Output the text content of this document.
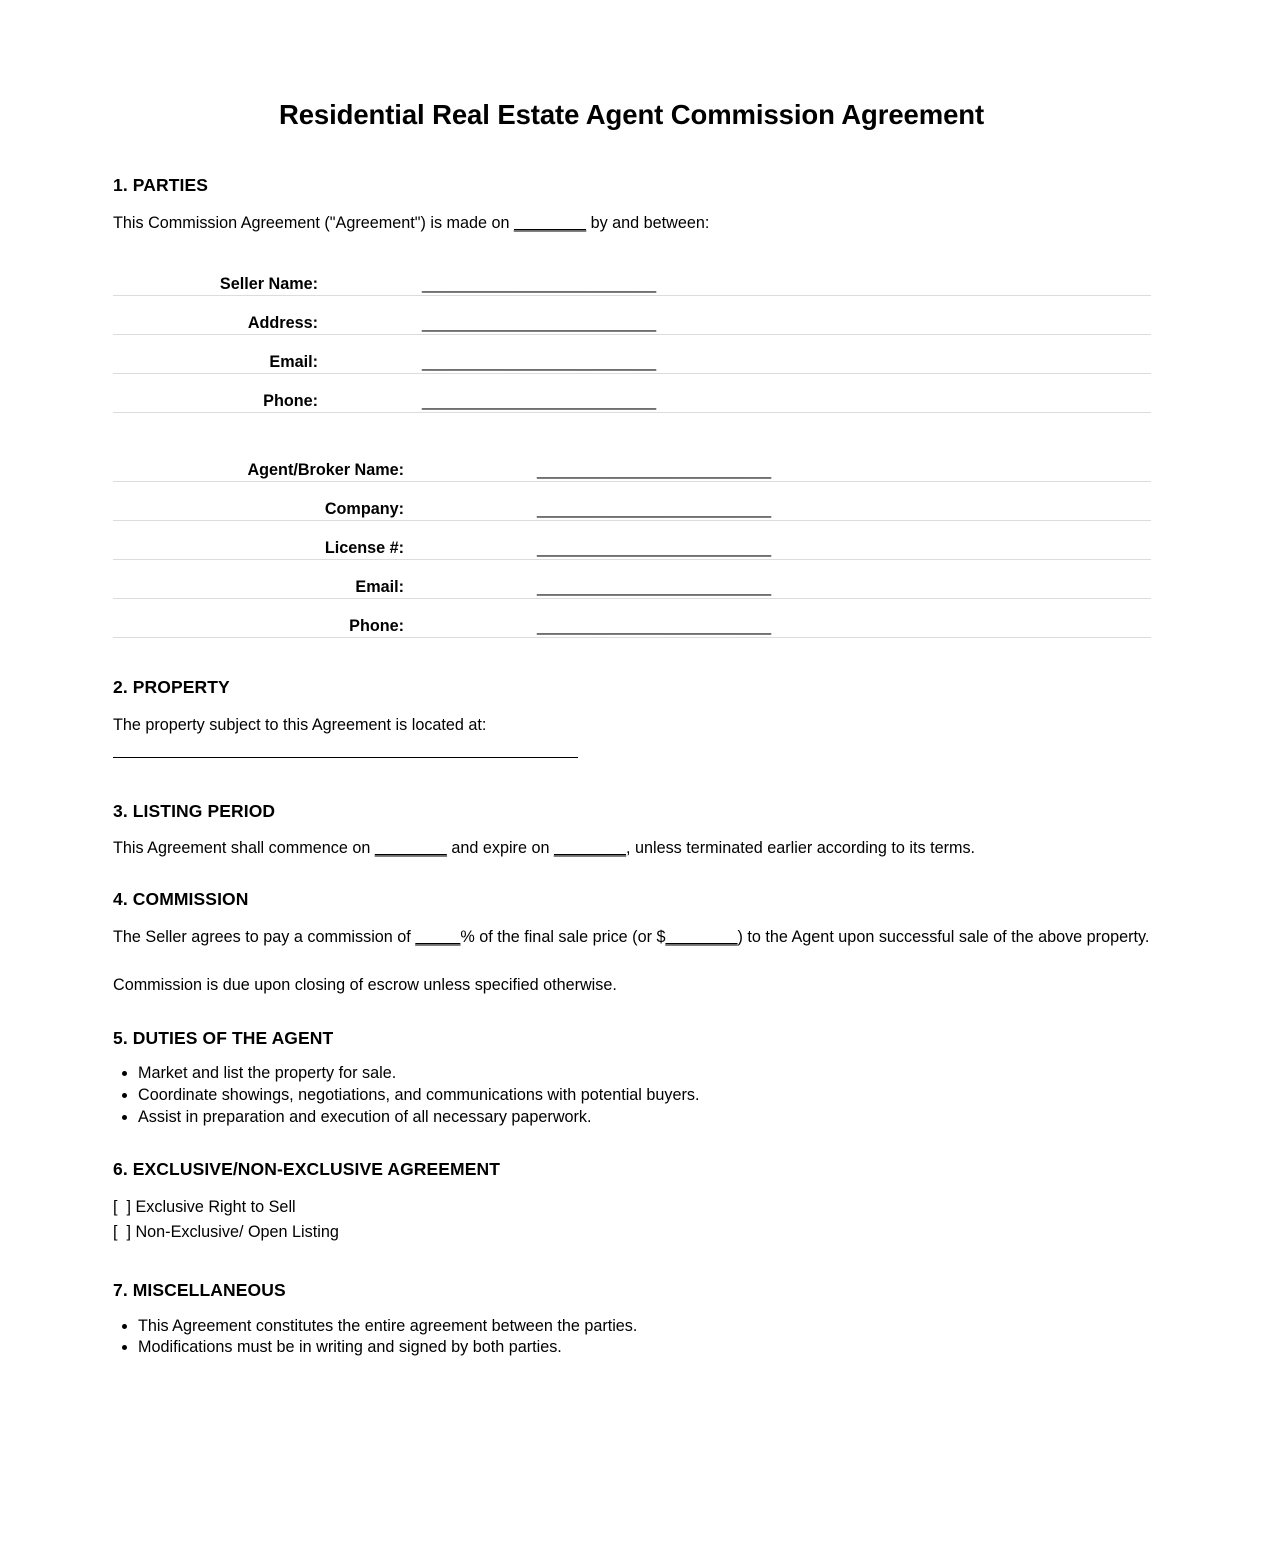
Residential Real Estate Agent Commission Agreement
1. PARTIES

This Commission Agreement ("Agreement") is made on ________ by and between:

Seller Name:	__________________________
Address:	__________________________
Email:	__________________________
Phone:	__________________________
Agent/Broker Name:	__________________________
Company:	__________________________
License #:	__________________________
Email:	__________________________
Phone:	__________________________
2. PROPERTY

The property subject to this Agreement is located at:

3. LISTING PERIOD

This Agreement shall commence on ________ and expire on ________, unless terminated earlier according to its terms.

4. COMMISSION

The Seller agrees to pay a commission of _____% of the final sale price (or $________) to the Agent upon successful sale of the above property.

Commission is due upon closing of escrow unless specified otherwise.

5. DUTIES OF THE AGENT
• Market and list the property for sale.
• Coordinate showings, negotiations, and communications with potential buyers.
• Assist in preparation and execution of all necessary paperwork.
6. EXCLUSIVE/NON-EXCLUSIVE AGREEMENT
[  ] Exclusive Right to Sell
[  ] Non-Exclusive/ Open Listing
7. MISCELLANEOUS
• This Agreement constitutes the entire agreement between the parties.
• Modifications must be in writing and signed by both parties.
